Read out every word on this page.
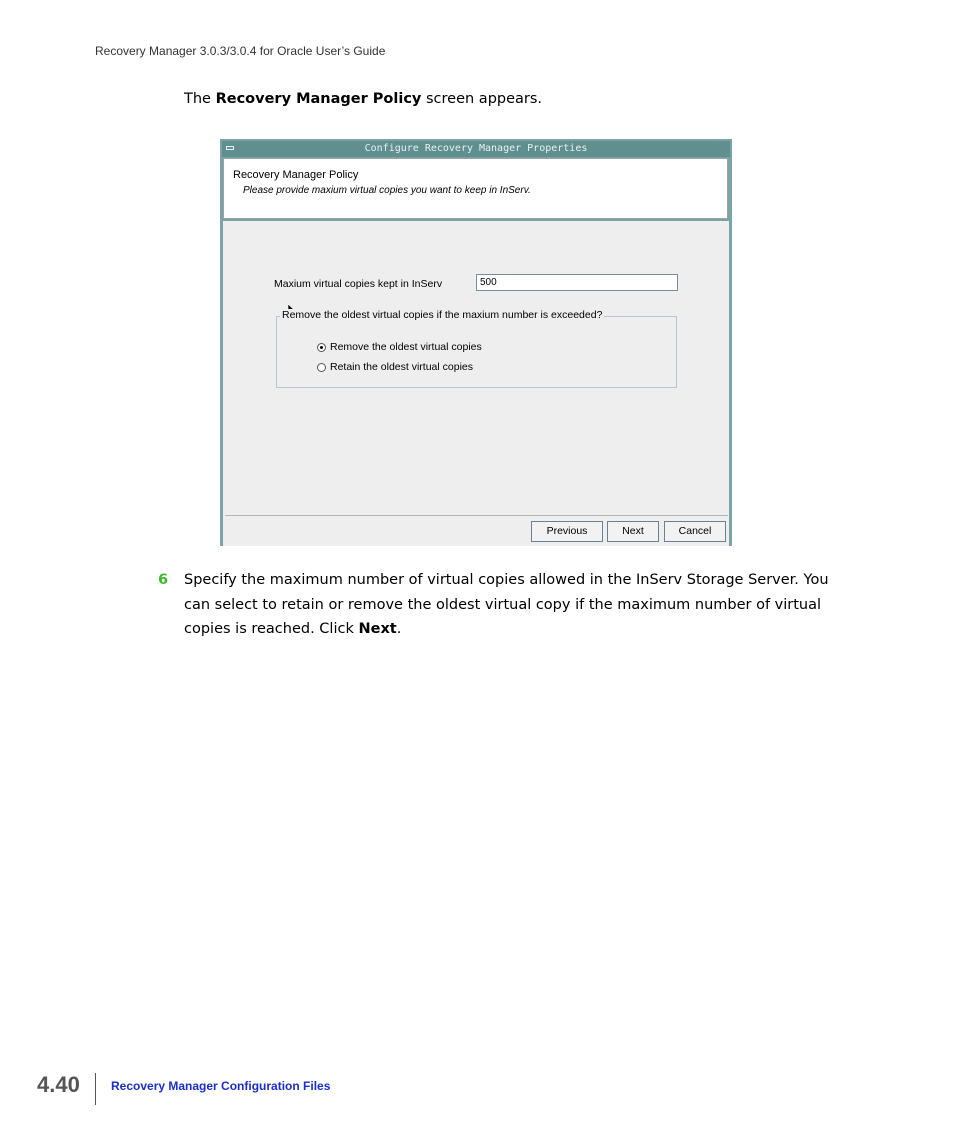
Recovery Manager 3.0.3/3.0.4 for Oracle User’s Guide
The Recovery Manager Policy screen appears.
Configure Recovery Manager Properties
Recovery Manager Policy
Please provide maxium virtual copies you want to keep in InServ.
Maxium virtual copies kept in InServ	500
Remove the oldest virtual copies if the maxium number is exceeded?
Remove the oldest virtual copies
Retain the oldest virtual copies
Previous	Next	Cancel
6 Specify the maximum number of virtual copies allowed in the InServ Storage Server. You can select to retain or remove the oldest virtual copy if the maximum number of virtual copies is reached. Click Next.
4.40	Recovery Manager Configuration Files
